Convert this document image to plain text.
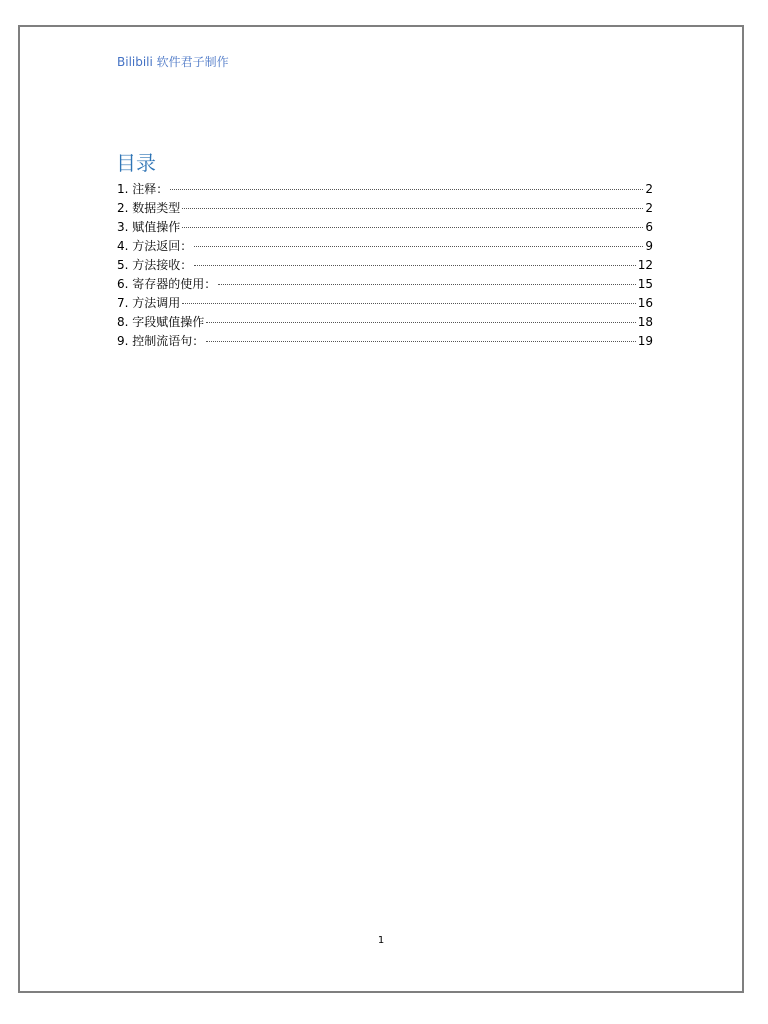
Bilibili 软件君子制作
目录
1. 注释：	2
2. 数据类型	2
3. 赋值操作	6
4. 方法返回：	9
5. 方法接收：	12
6. 寄存器的使用：	15
7. 方法调用	16
8. 字段赋值操作	18
9. 控制流语句：	19
1
